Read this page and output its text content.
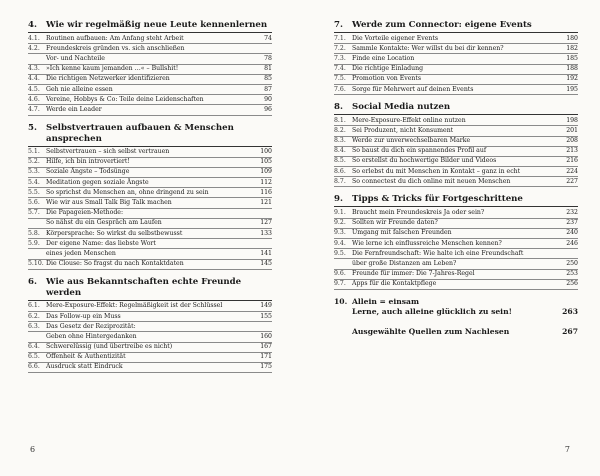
4.	Wie wir regelmäßig neue Leute kennenlernen
4.1. Routinen aufbauen: Am Anfang steht Arbeit	74
4.2. Freundeskreis gründen vs. sich anschließen
Vor- und Nachteile	78
4.3. »Ich kenne kaum jemanden …« – Bullshit!	81
4.4. Die richtigen Netzwerker identifizieren	85
4.5. Geh nie alleine essen	87
4.6. Vereine, Hobbys & Co: Teile deine Leidenschaften	90
4.7. Werde ein Leader	96
5.	Selbstvertrauen aufbauen & Menschen ansprechen
5.1. Selbstvertrauen – sich selbst vertrauen	100
5.2. Hilfe, ich bin introvertiert!	105
5.3. Soziale Ängste – Todsünge	109
5.4. Meditation gegen soziale Ängste	112
5.5. So sprichst du Menschen an, ohne dringend zu sein	116
5.6. Wie wir aus Small Talk Big Talk machen	121
5.7. Die Papageien-Methode:
So nähst du ein Gespräch am Laufen	127
5.8. Körpersprache: So wirkst du selbstbewusst	133
5.9. Der eigene Name: das liebste Wort
eines jeden Menschen	141
5.10. Die Clouse: So fragst du nach Kontaktdaten	145
6.	Wie aus Bekanntschaften echte Freunde werden
6.1. Mere-Exposure-Effekt: Regelmäßigkeit ist der Schlüssel	149
6.2. Das Follow-up ein Muss	155
6.3. Das Gesetz der Reziprozität:
Geben ohne Hintergedanken	160
6.4. Schwerelüssig (und übertreibe es nicht)	167
6.5. Offenheit & Authentizität	171
6.6. Ausdruck statt Eindruck	175
7.	Werde zum Connector: eigene Events
7.1. Die Vorteile eigener Events	180
7.2. Sammle Kontakte: Wer willst du bei dir kennen?	182
7.3. Finde eine Location	185
7.4. Die richtige Einladung	188
7.5. Promotion von Events	192
7.6. Sorge für Mehrwert auf deinen Events	195
8.	Social Media nutzen
8.1. Mere-Exposure-Effekt online nutzen	198
8.2. Sei Produzent, nicht Konsument	201
8.3. Werde zur unverwechselbaren Marke	208
8.4. So baust du dich ein spannendes Profil auf	213
8.5. So erstellst du hochwertige Bilder und Videos	216
8.6. So erlebst du mit Menschen in Kontakt – ganz in echt	224
8.7. So connectest du dich online mit neuen Menschen	227
9.	Tipps & Tricks für Fortgeschrittene
9.1. Braucht mein Freundeskreis Ja oder sein?	232
9.2. Sollten wir Freunde daten?	237
9.3. Umgang mit falschen Freunden	240
9.4. Wie lerne ich einflussreiche Menschen kennen?	246
9.5. Die Fernfreundschaft: Wie halte ich eine Freundschaft
über große Distanzen am Leben?	250
9.6. Freunde für immer: Die 7-Jahres-Regel	253
9.7. Apps für die Kontaktpflege	256
10. Allein = einsam
Lerne, auch alleine glücklich zu sein!	263
Ausgewählte Quellen zum Nachlesen	267
6	7
